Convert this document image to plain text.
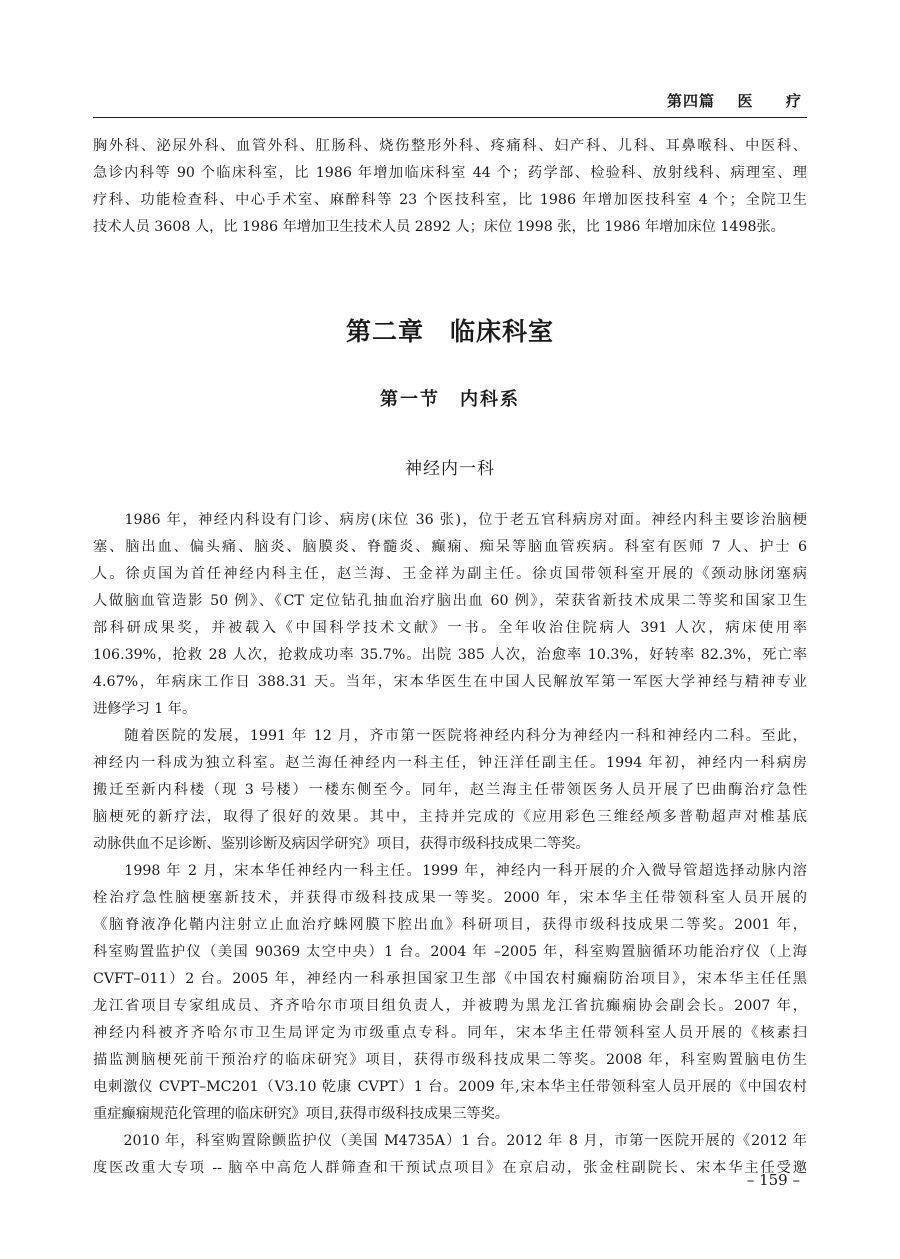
第四篇 医 疗

胸外科、泌尿外科、血管外科、肛肠科、烧伤整形外科、疼痛科、妇产科、儿科、耳鼻喉科、中医科、
急诊内科等 90 个临床科室，比 1986 年增加临床科室 44 个；药学部、检验科、放射线科、病理室、理
疗科、功能检查科、中心手术室、麻醉科等 23 个医技科室，比 1986 年增加医技科室 4 个；全院卫生
技术人员 3608 人，比 1986 年增加卫生技术人员 2892 人；床位 1998 张，比 1986 年增加床位 1498张。

第二章　临床科室
第一节　内科系
神经内一科

　　1986 年，神经内科设有门诊、病房(床位 36 张)，位于老五官科病房对面。神经内科主要诊治脑梗
塞、脑出血、偏头痛、脑炎、脑膜炎、脊髓炎、癫痫、痴呆等脑血管疾病。科室有医师 7 人、护士 6
人。徐贞国为首任神经内科主任，赵兰海、王金祥为副主任。徐贞国带领科室开展的《颈动脉闭塞病
人做脑血管造影 50 例》、《CT 定位钻孔抽血治疗脑出血 60 例》，荣获省新技术成果二等奖和国家卫生
部科研成果奖，并被载入《中国科学技术文献》一书。全年收治住院病人 391 人次，病床使用率
106.39%，抢救 28 人次，抢救成功率 35.7%。出院 385 人次，治愈率 10.3%，好转率 82.3%，死亡率
4.67%，年病床工作日 388.31 天。当年，宋本华医生在中国人民解放军第一军医大学神经与精神专业
进修学习 1 年。

　　随着医院的发展，1991 年 12 月，齐市第一医院将神经内科分为神经内一科和神经内二科。至此，
神经内一科成为独立科室。赵兰海任神经内一科主任，钟汪洋任副主任。1994 年初，神经内一科病房
搬迁至新内科楼（现 3 号楼）一楼东侧至今。同年，赵兰海主任带领医务人员开展了巴曲酶治疗急性
脑梗死的新疗法，取得了很好的效果。其中，主持并完成的《应用彩色三维经颅多普勒超声对椎基底
动脉供血不足诊断、鉴别诊断及病因学研究》项目，获得市级科技成果二等奖。

　　1998 年 2 月，宋本华任神经内一科主任。1999 年，神经内一科开展的介入微导管超选择动脉内溶
栓治疗急性脑梗塞新技术，并获得市级科技成果一等奖。2000 年，宋本华主任带领科室人员开展的
《脑脊液净化鞘内注射立止血治疗蛛网膜下腔出血》科研项目，获得市级科技成果二等奖。2001 年，
科室购置监护仪（美国 90369 太空中央）1 台。2004 年 –2005 年，科室购置脑循环功能治疗仪（上海
CVFT–011）2 台。2005 年，神经内一科承担国家卫生部《中国农村癫痫防治项目》，宋本华主任任黑
龙江省项目专家组成员、齐齐哈尔市项目组负责人，并被聘为黑龙江省抗癫痫协会副会长。2007 年，
神经内科被齐齐哈尔市卫生局评定为市级重点专科。同年，宋本华主任带领科室人员开展的《核素扫
描监测脑梗死前干预治疗的临床研究》项目，获得市级科技成果二等奖。2008 年，科室购置脑电仿生
电刺激仪 CVPT–MC201（V3.10 乾康 CVPT）1 台。2009 年,宋本华主任带领科室人员开展的《中国农村
重症癫痫规范化管理的临床研究》项目,获得市级科技成果三等奖。

　　2010 年，科室购置除颤监护仪（美国 M4735A）1 台。2012 年 8 月，市第一医院开展的《2012 年
度医改重大专项 -- 脑卒中高危人群筛查和干预试点项目》在京启动，张金柱副院长、宋本华主任受邀

– 159 –
